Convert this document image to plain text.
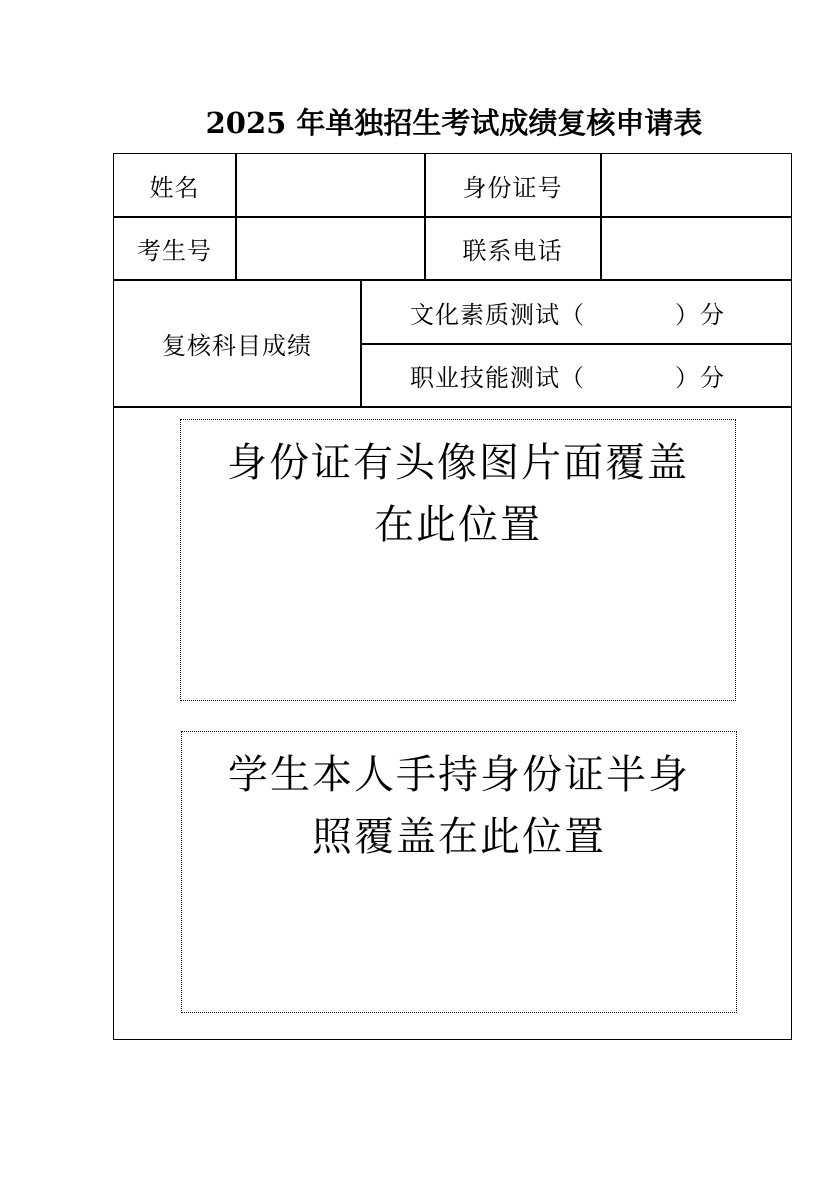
2025 年单独招生考试成绩复核申请表
姓名	身份证号
考生号	联系电话
复核科目成绩
文化素质测试（	）分
职业技能测试（	）分
身份证有头像图片面覆盖在此位置
学生本人手持身份证半身照覆盖在此位置
